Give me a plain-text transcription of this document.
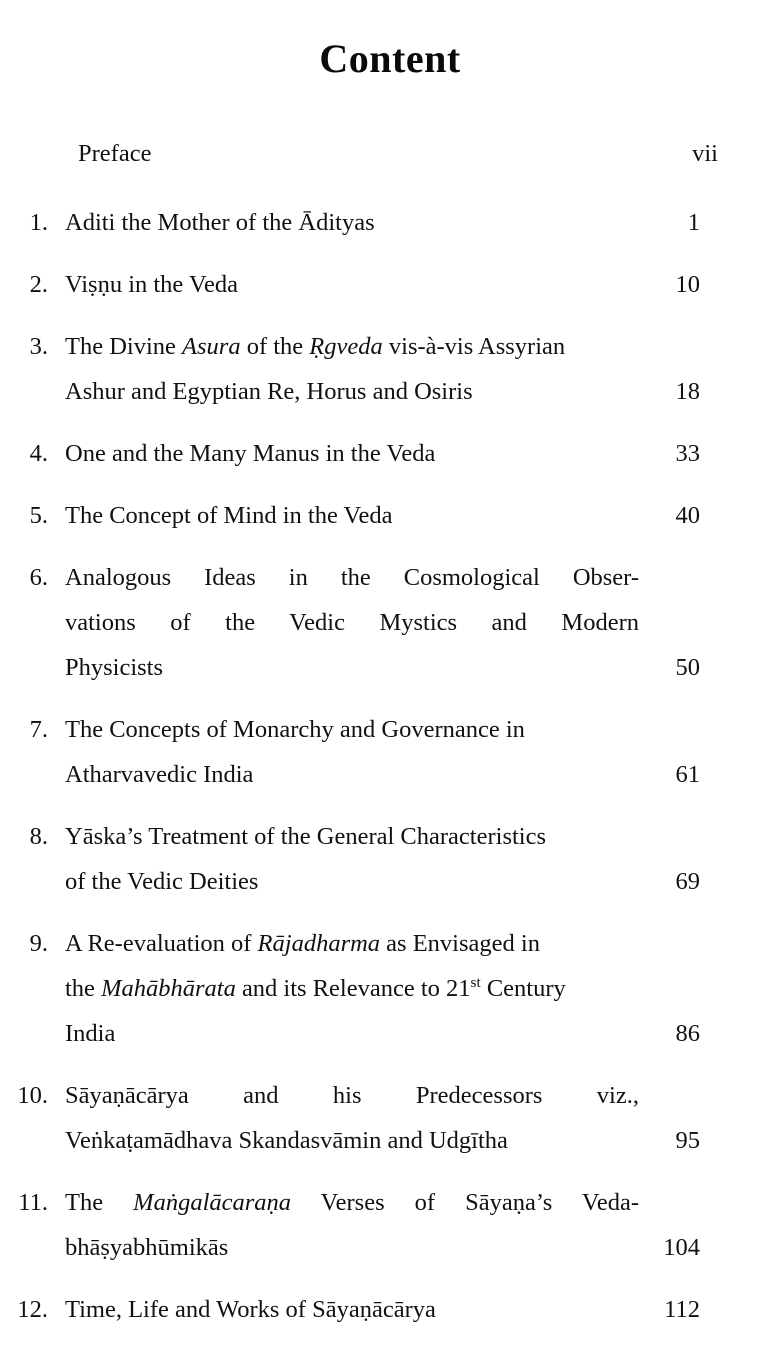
Content
Preface	vii
1. Aditi the Mother of the Ādityas	1
2. Viṣṇu in the Veda	10
3. The Divine Asura of the Ṛgveda vis-à-vis Assyrian
Ashur and Egyptian Re, Horus and Osiris	18
4. One and the Many Manus in the Veda	33
5. The Concept of Mind in the Veda	40
6. Analogous Ideas in the Cosmological Obser-
vations of the Vedic Mystics and Modern
Physicists	50
7. The Concepts of Monarchy and Governance in
Atharvavedic India	61
8. Yāska’s Treatment of the General Characteristics
of the Vedic Deities	69
9. A Re-evaluation of Rājadharma as Envisaged in
the Mahābhārata and its Relevance to 21st Century
India	86
10. Sāyaṇācārya and his Predecessors viz.,
Veṅkaṭamādhava Skandasvāmin and Udgītha	95
11. The Maṅgalācaraṇa Verses of Sāyaṇa’s Veda-
bhāṣyabhūmikās	104
12. Time, Life and Works of Sāyaṇācārya	112
